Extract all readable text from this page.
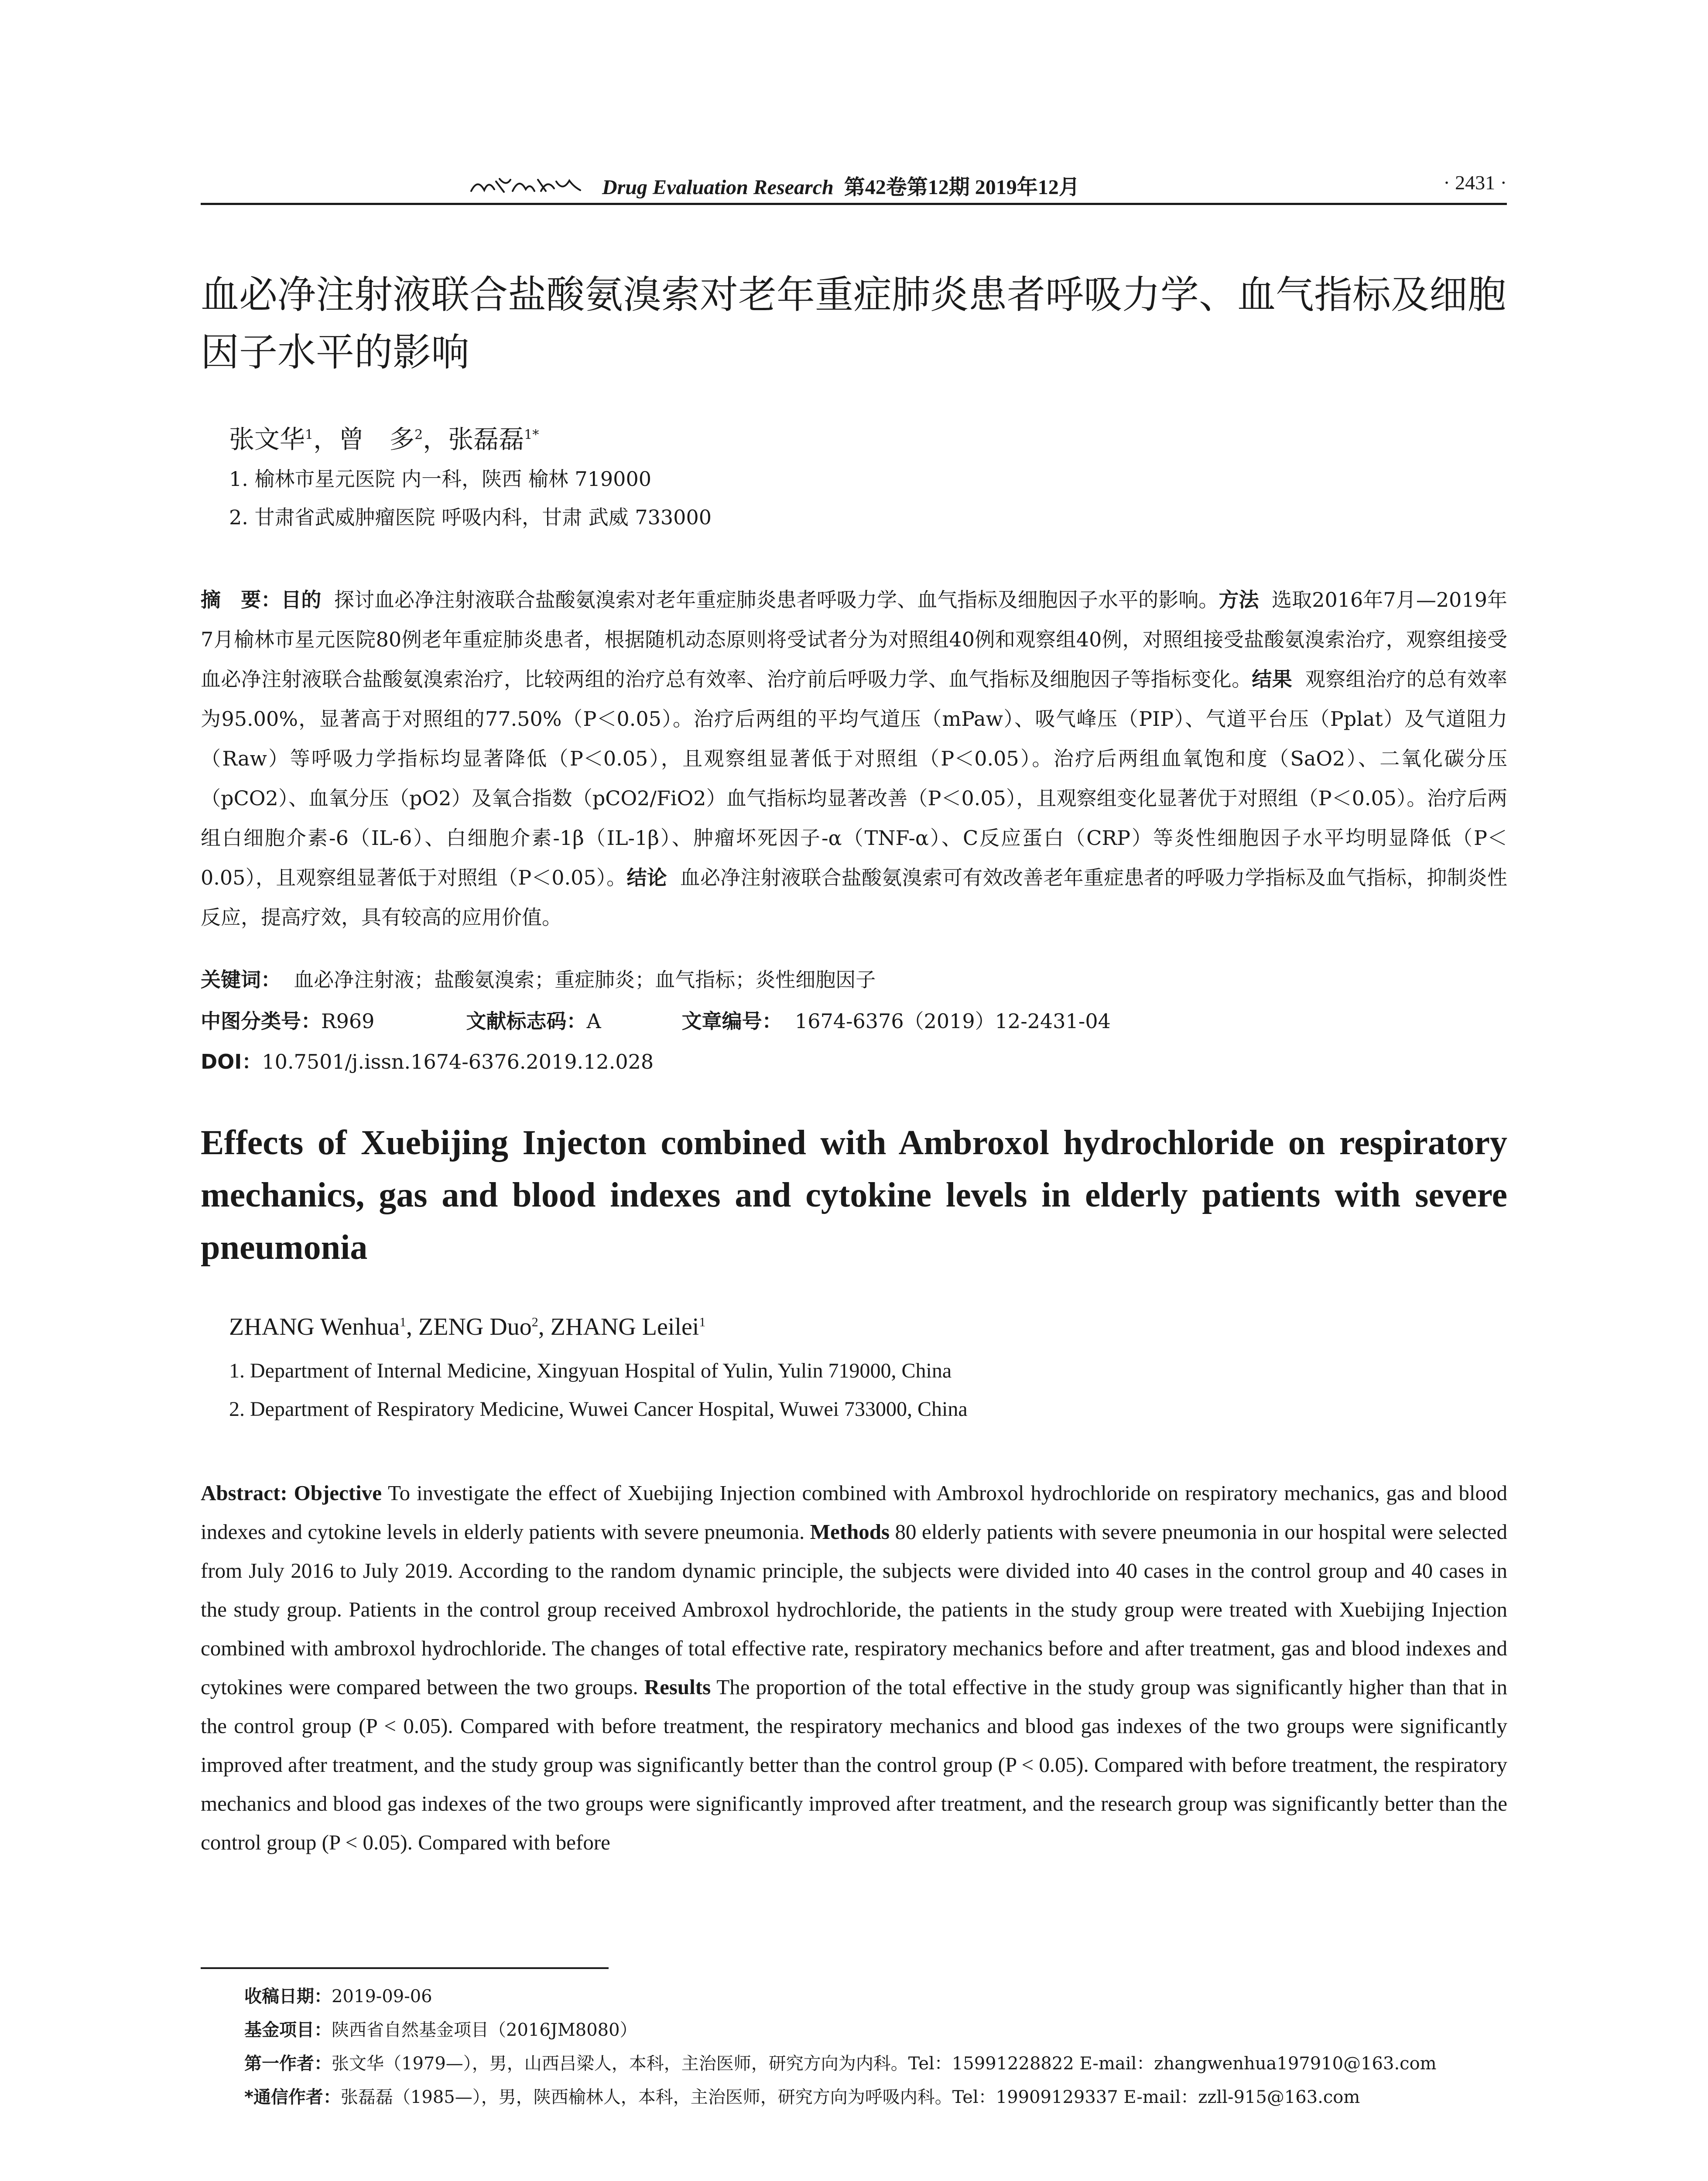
Drug Evaluation Research 第42卷第12期 2019年12月	· 2431 ·
血必净注射液联合盐酸氨溴索对老年重症肺炎患者呼吸力学、血气指标及细胞因子水平的影响
张文华$^1$，曾　多$^2$，张磊磊$^{1*}$
1. 榆林市星元医院 内一科，陕西 榆林 719000
2. 甘肃省武威肿瘤医院 呼吸内科，甘肃 武威 733000
摘　要：目的 探讨血必净注射液联合盐酸氨溴索对老年重症肺炎患者呼吸力学、血气指标及细胞因子水平的影响。方法 选取2016年7月—2019年7月榆林市星元医院80例老年重症肺炎患者，根据随机动态原则将受试者分为对照组40例和观察组40例，对照组接受盐酸氨溴索治疗，观察组接受血必净注射液联合盐酸氨溴索治疗，比较两组的治疗总有效率、治疗前后呼吸力学、血气指标及细胞因子等指标变化。结果 观察组治疗的总有效率为95.00%，显著高于对照组的77.50%（P＜0.05）。治疗后两组的平均气道压（mPaw）、吸气峰压（PIP）、气道平台压（Pplat）及气道阻力（Raw）等呼吸力学指标均显著降低（P＜0.05），且观察组显著低于对照组（P＜0.05）。治疗后两组血氧饱和度（SaO2）、二氧化碳分压（pCO2）、血氧分压（pO2）及氧合指数（pCO2/FiO2）血气指标均显著改善（P＜0.05），且观察组变化显著优于对照组（P＜0.05）。治疗后两组白细胞介素-6（IL-6）、白细胞介素-1β（IL-1β）、肿瘤坏死因子-α（TNF-α）、C反应蛋白（CRP）等炎性细胞因子水平均明显降低（P＜0.05），且观察组显著低于对照组（P＜0.05）。结论 血必净注射液联合盐酸氨溴索可有效改善老年重症患者的呼吸力学指标及血气指标，抑制炎性反应，提高疗效，具有较高的应用价值。
关键词： 血必净注射液；盐酸氨溴索；重症肺炎；血气指标；炎性细胞因子
中图分类号：R969	文献标志码：A	文章编号： 1674-6376（2019）12-2431-04
DOI：10.7501/j.issn.1674-6376.2019.12.028
Effects of Xuebijing Injecton combined with Ambroxol hydrochloride on respiratory mechanics, gas and blood indexes and cytokine levels in elderly patients with severe pneumonia
ZHANG Wenhua$^1$, ZENG Duo$^2$, ZHANG Leilei$^1$
1. Department of Internal Medicine, Xingyuan Hospital of Yulin, Yulin 719000, China
2. Department of Respiratory Medicine, Wuwei Cancer Hospital, Wuwei 733000, China
Abstract: Objective To investigate the effect of Xuebijing Injection combined with Ambroxol hydrochloride on respiratory mechanics, gas and blood indexes and cytokine levels in elderly patients with severe pneumonia. Methods 80 elderly patients with severe pneumonia in our hospital were selected from July 2016 to July 2019. According to the random dynamic principle, the subjects were divided into 40 cases in the control group and 40 cases in the study group. Patients in the control group received Ambroxol hydrochloride, the patients in the study group were treated with Xuebijing Injection combined with ambroxol hydrochloride. The changes of total effective rate, respiratory mechanics before and after treatment, gas and blood indexes and cytokines were compared between the two groups. Results The proportion of the total effective in the study group was significantly higher than that in the control group (P < 0.05). Compared with before treatment, the respiratory mechanics and blood gas indexes of the two groups were significantly improved after treatment, and the study group was significantly better than the control group (P < 0.05). Compared with before treatment, the respiratory mechanics and blood gas indexes of the two groups were significantly improved after treatment, and the research group was significantly better than the control group (P < 0.05). Compared with before
收稿日期：2019-09-06
基金项目：陕西省自然基金项目（2016JM8080）
第一作者：张文华（1979—），男，山西吕梁人，本科，主治医师，研究方向为内科。Tel：15991228822 E-mail：zhangwenhua197910@163.com
*通信作者：张磊磊（1985—），男，陕西榆林人，本科，主治医师，研究方向为呼吸内科。Tel：19909129337 E-mail：zzll-915@163.com
